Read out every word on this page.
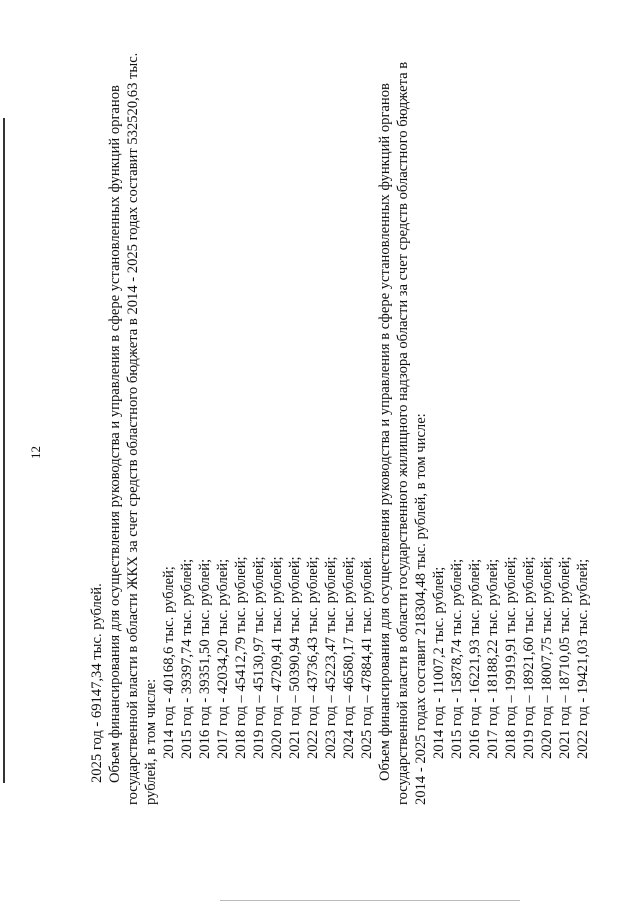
12
2025 год - 69147,34 тыс. рублей. Объем финансирования для осуществления руководства и управления в сфере установленных функций органов государственной власти в области ЖКХ за счет средств областного бюджета в 2014 - 2025 годах составит 532520,63 тыс. рублей, в том числе: 2014 год - 40168,6 тыс. рублей; 2015 год - 39397,74 тыс. рублей; 2016 год - 39351,50 тыс. рублей; 2017 год - 42034,20 тыс. рублей; 2018 год – 45412,79 тыс. рублей; 2019 год – 45130,97 тыс. рублей; 2020 год – 47209,41 тыс. рублей; 2021 год – 50390,94 тыс. рублей; 2022 год – 43736,43 тыс. рублей; 2023 год – 45223,47 тыс. рублей; 2024 год – 46580,17 тыс. рублей; 2025 год – 47884,41 тыс. рублей. Объем финансирования для осуществления руководства и управления в сфере установленных функций органов государственной власти в области государственного жилищного надзора области за счет средств областного бюджета в 2014 - 2025 годах составит 218304,48 тыс. рублей, в том числе: 2014 год - 11007,2 тыс. рублей; 2015 год - 15878,74 тыс. рублей; 2016 год - 16221,93 тыс. рублей; 2017 год - 18188,22 тыс. рублей; 2018 год – 19919,91 тыс. рублей; 2019 год – 18921,60 тыс. рублей; 2020 год – 18007,75 тыс. рублей; 2021 год – 18710,05 тыс. рублей; 2022 год - 19421,03 тыс. рублей;
